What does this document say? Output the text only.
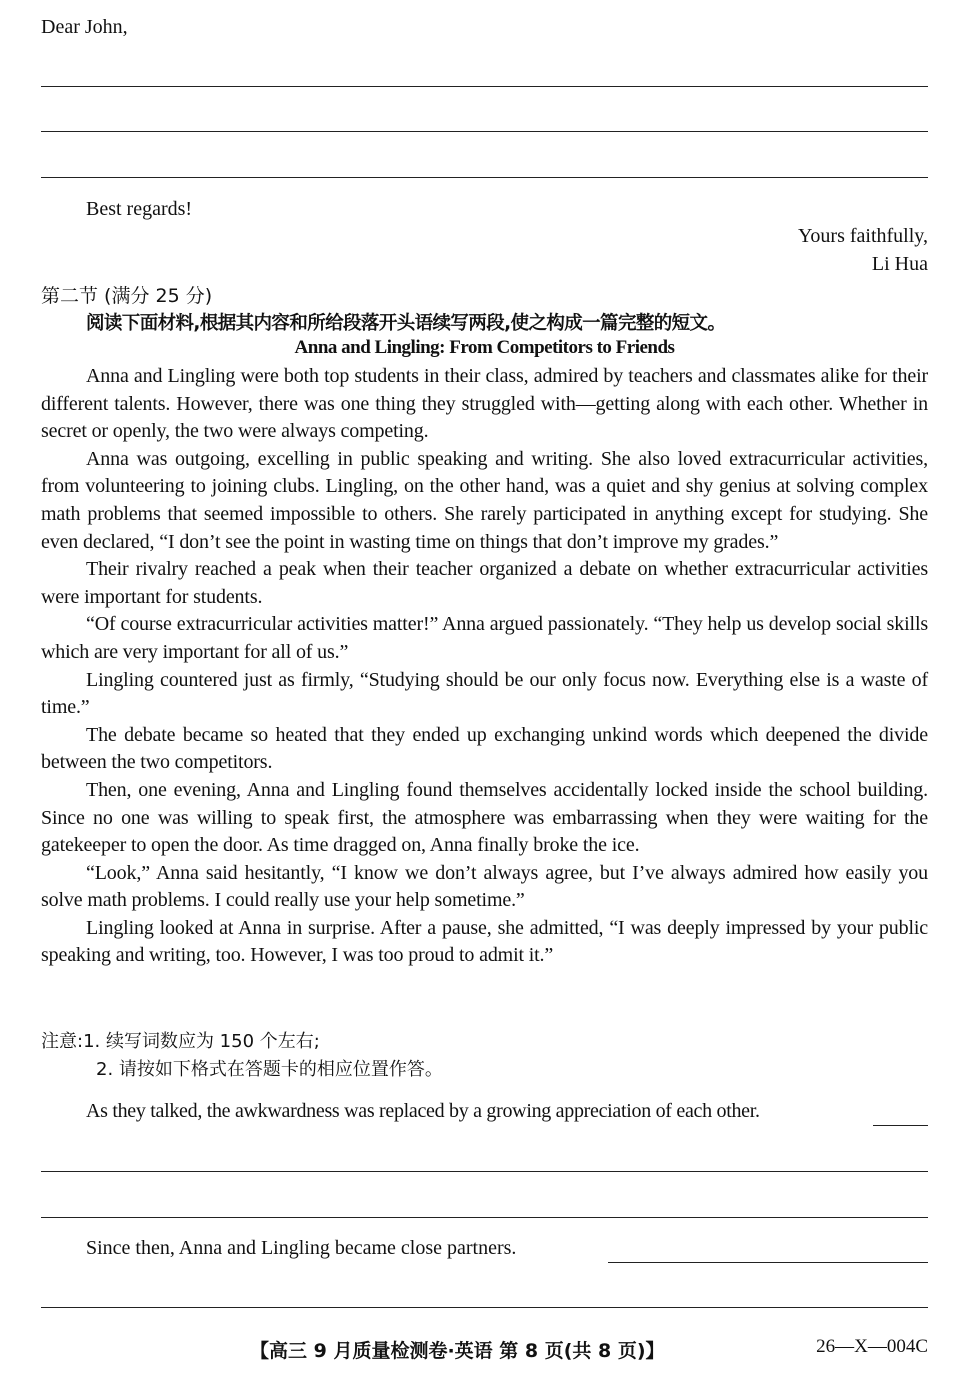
Dear John,
Best regards!
Yours faithfully,
Li Hua
第二节 (满分 25 分)
阅读下面材料,根据其内容和所给段落开头语续写两段,使之构成一篇完整的短文。
Anna and Lingling: From Competitors to Friends

Anna and Lingling were both top students in their class, admired by teachers and classmates alike for their different talents. However, there was one thing they struggled with—getting along with each other. Whether in secret or openly, the two were always competing.

Anna was outgoing, excelling in public speaking and writing. She also loved extracurricular activities, from volunteering to joining clubs. Lingling, on the other hand, was a quiet and shy genius at solving complex math problems that seemed impossible to others. She rarely participated in anything except for studying. She even declared, “I don’t see the point in wasting time on things that don’t improve my grades.”

Their rivalry reached a peak when their teacher organized a debate on whether extracurricular activities were important for students.

“Of course extracurricular activities matter!” Anna argued passionately. “They help us develop social skills which are very important for all of us.”

Lingling countered just as firmly, “Studying should be our only focus now. Everything else is a waste of time.”

The debate became so heated that they ended up exchanging unkind words which deepened the divide between the two competitors.

Then, one evening, Anna and Lingling found themselves accidentally locked inside the school building. Since no one was willing to speak first, the atmosphere was embarrassing when they were waiting for the gatekeeper to open the door. As time dragged on, Anna finally broke the ice.

“Look,” Anna said hesitantly, “I know we don’t always agree, but I’ve always admired how easily you solve math problems. I could really use your help sometime.”

Lingling looked at Anna in surprise. After a pause, she admitted, “I was deeply impressed by your public speaking and writing, too. However, I was too proud to admit it.”

注意:1. 续写词数应为 150 个左右;
2. 请按如下格式在答题卡的相应位置作答。
As they talked, the awkwardness was replaced by a growing appreciation of each other.
Since then, Anna and Lingling became close partners.
【高三 9 月质量检测卷·英语 第 8 页(共 8 页)】	26—X—004C
